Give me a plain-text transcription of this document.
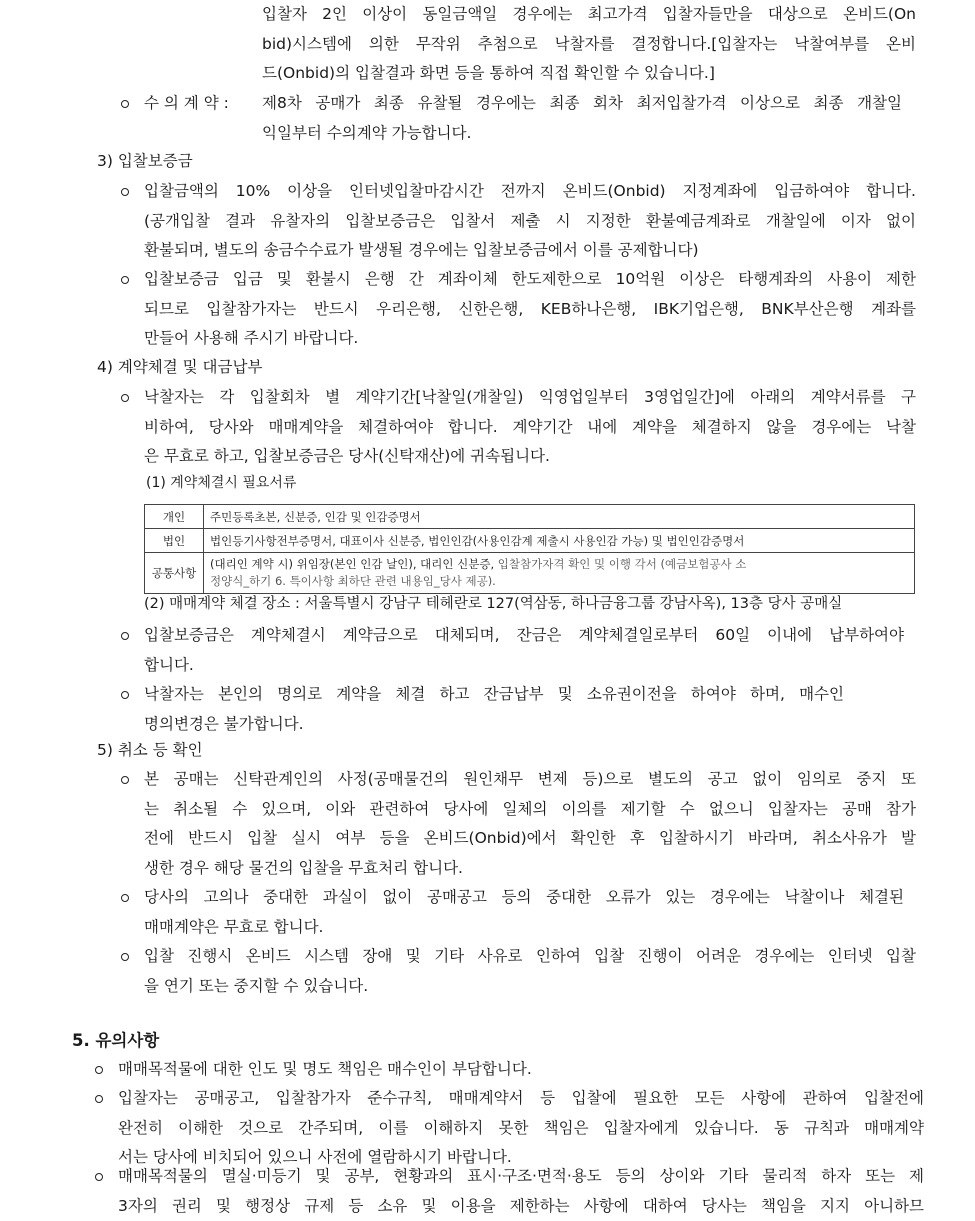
입찰자 2인 이상이 동일금액일 경우에는 최고가격 입찰자들만을 대상으로 온비드(On
bid)시스템에 의한 무작위 추첨으로 낙찰자를 결정합니다.[입찰자는 낙찰여부를 온비
드(Onbid)의 입찰결과 화면 등을 통하여 직접 확인할 수 있습니다.]
수 의 계 약 : 제8차 공매가 최종 유찰될 경우에는 최종 회차 최저입찰가격 이상으로 최종 개찰일
익일부터 수의계약 가능합니다.
3) 입찰보증금
입찰금액의 10% 이상을 인터넷입찰마감시간 전까지 온비드(Onbid) 지정계좌에 입금하여야 합니다.
(공개입찰 결과 유찰자의 입찰보증금은 입찰서 제출 시 지정한 환불예금계좌로 개찰일에 이자 없이
환불되며, 별도의 송금수수료가 발생될 경우에는 입찰보증금에서 이를 공제합니다)
입찰보증금 입금 및 환불시 은행 간 계좌이체 한도제한으로 10억원 이상은 타행계좌의 사용이 제한
되므로 입찰참가자는 반드시 우리은행, 신한은행, KEB하나은행, IBK기업은행, BNK부산은행 계좌를
만들어 사용해 주시기 바랍니다.
4) 계약체결 및 대금납부
낙찰자는 각 입찰회차 별 계약기간[낙찰일(개찰일) 익영업일부터 3영업일간]에 아래의 계약서류를 구
비하여, 당사와 매매계약을 체결하여야 합니다. 계약기간 내에 계약을 체결하지 않을 경우에는 낙찰
은 무효로 하고, 입찰보증금은 당사(신탁재산)에 귀속됩니다.
(1) 계약체결시 필요서류
개인	주민등록초본, 신분증, 인감 및 인감증명서
법인	법인등기사항전부증명서, 대표이사 신분증, 법인인감(사용인감계 제출시 사용인감 가능) 및 법인인감증명서
공통사항	(대리인 계약 시) 위임장(본인 인감 날인), 대리인 신분증, 입찰참가자격 확인 및 이행 각서 (예금보험공사 소
정양식_하기 6. 특이사항 최하단 관련 내용임_당사 제공).
(2) 매매계약 체결 장소 : 서울특별시 강남구 테헤란로 127(역삼동, 하나금융그룹 강남사옥), 13층 당사 공매실
입찰보증금은 계약체결시 계약금으로 대체되며, 잔금은 계약체결일로부터 60일 이내에 납부하여야
합니다.
낙찰자는 본인의 명의로 계약을 체결 하고 잔금납부 및 소유권이전을 하여야 하며, 매수인
명의변경은 불가합니다.
5) 취소 등 확인
본 공매는 신탁관계인의 사정(공매물건의 원인채무 변제 등)으로 별도의 공고 없이 임의로 중지 또
는 취소될 수 있으며, 이와 관련하여 당사에 일체의 이의를 제기할 수 없으니 입찰자는 공매 참가
전에 반드시 입찰 실시 여부 등을 온비드(Onbid)에서 확인한 후 입찰하시기 바라며, 취소사유가 발
생한 경우 해당 물건의 입찰을 무효처리 합니다.
당사의 고의나 중대한 과실이 없이 공매공고 등의 중대한 오류가 있는 경우에는 낙찰이나 체결된
매매계약은 무효로 합니다.
입찰 진행시 온비드 시스템 장애 및 기타 사유로 인하여 입찰 진행이 어려운 경우에는 인터넷 입찰
을 연기 또는 중지할 수 있습니다.
5. 유의사항
매매목적물에 대한 인도 및 명도 책임은 매수인이 부담합니다.
입찰자는 공매공고, 입찰참가자 준수규칙, 매매계약서 등 입찰에 필요한 모든 사항에 관하여 입찰전에
완전히 이해한 것으로 간주되며, 이를 이해하지 못한 책임은 입찰자에게 있습니다. 동 규칙과 매매계약
서는 당사에 비치되어 있으니 사전에 열람하시기 바랍니다.
매매목적물의 멸실·미등기 및 공부, 현황과의 표시·구조·면적·용도 등의 상이와 기타 물리적 하자 또는 제
3자의 권리 및 행정상 규제 등 소유 및 이용을 제한하는 사항에 대하여 당사는 책임을 지지 아니하므
